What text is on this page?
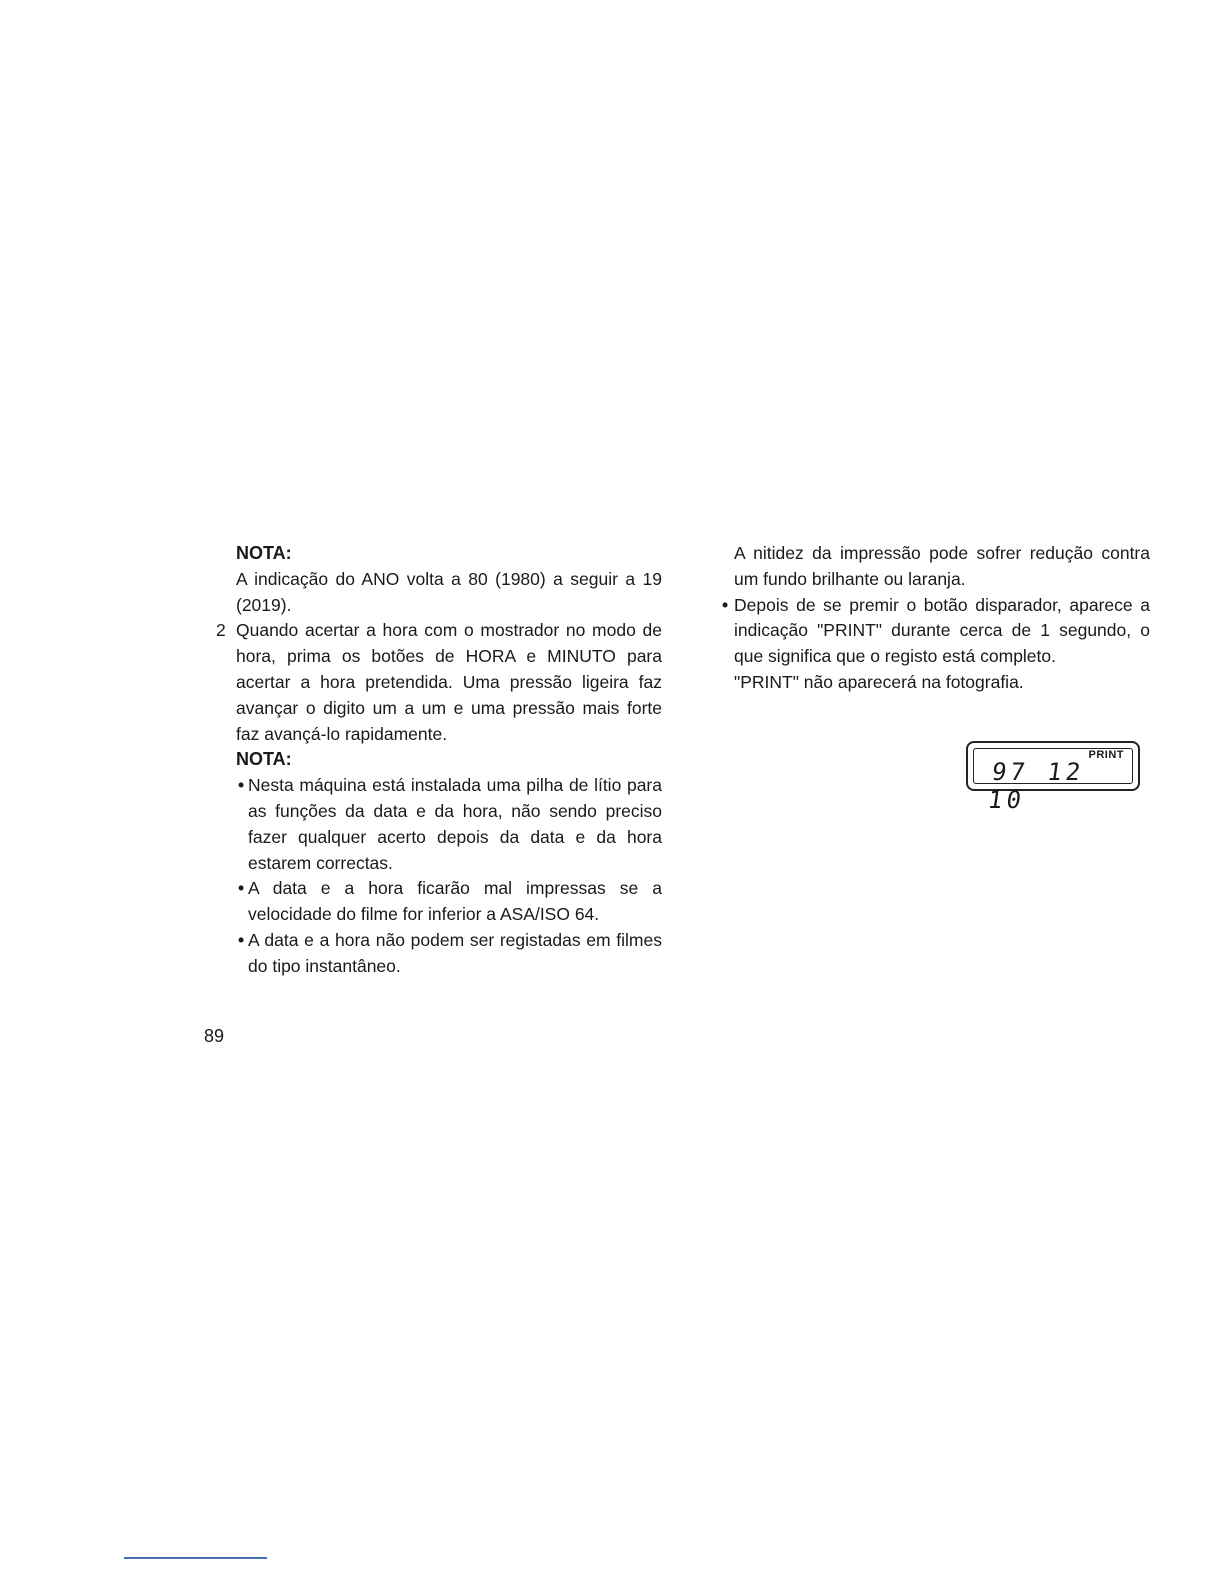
NOTA:
A indicação do ANO volta a 80 (1980) a seguir a 19 (2019).
2 Quando acertar a hora com o mostrador no modo de hora, prima os botões de HORA e MINUTO para acertar a hora pretendida. Uma pressão ligeira faz avançar o digito um a um e uma pressão mais forte faz avançá-lo rapidamente.
NOTA:
• Nesta máquina está instalada uma pilha de lítio para as funções da data e da hora, não sendo preciso fazer qualquer acerto depois da data e da hora estarem correctas.
• A data e a hora ficarão mal impressas se a velocidade do filme for inferior a ASA/ISO 64.
• A data e a hora não podem ser registadas em filmes do tipo instantâneo.
A nitidez da impressão pode sofrer redução contra um fundo brilhante ou laranja.
• Depois de se premir o botão disparador, aparece a indicação "PRINT" durante cerca de 1 segundo, o que significa que o registo está completo.
"PRINT" não aparecerá na fotografia.
PRINT
97 12 10
89
